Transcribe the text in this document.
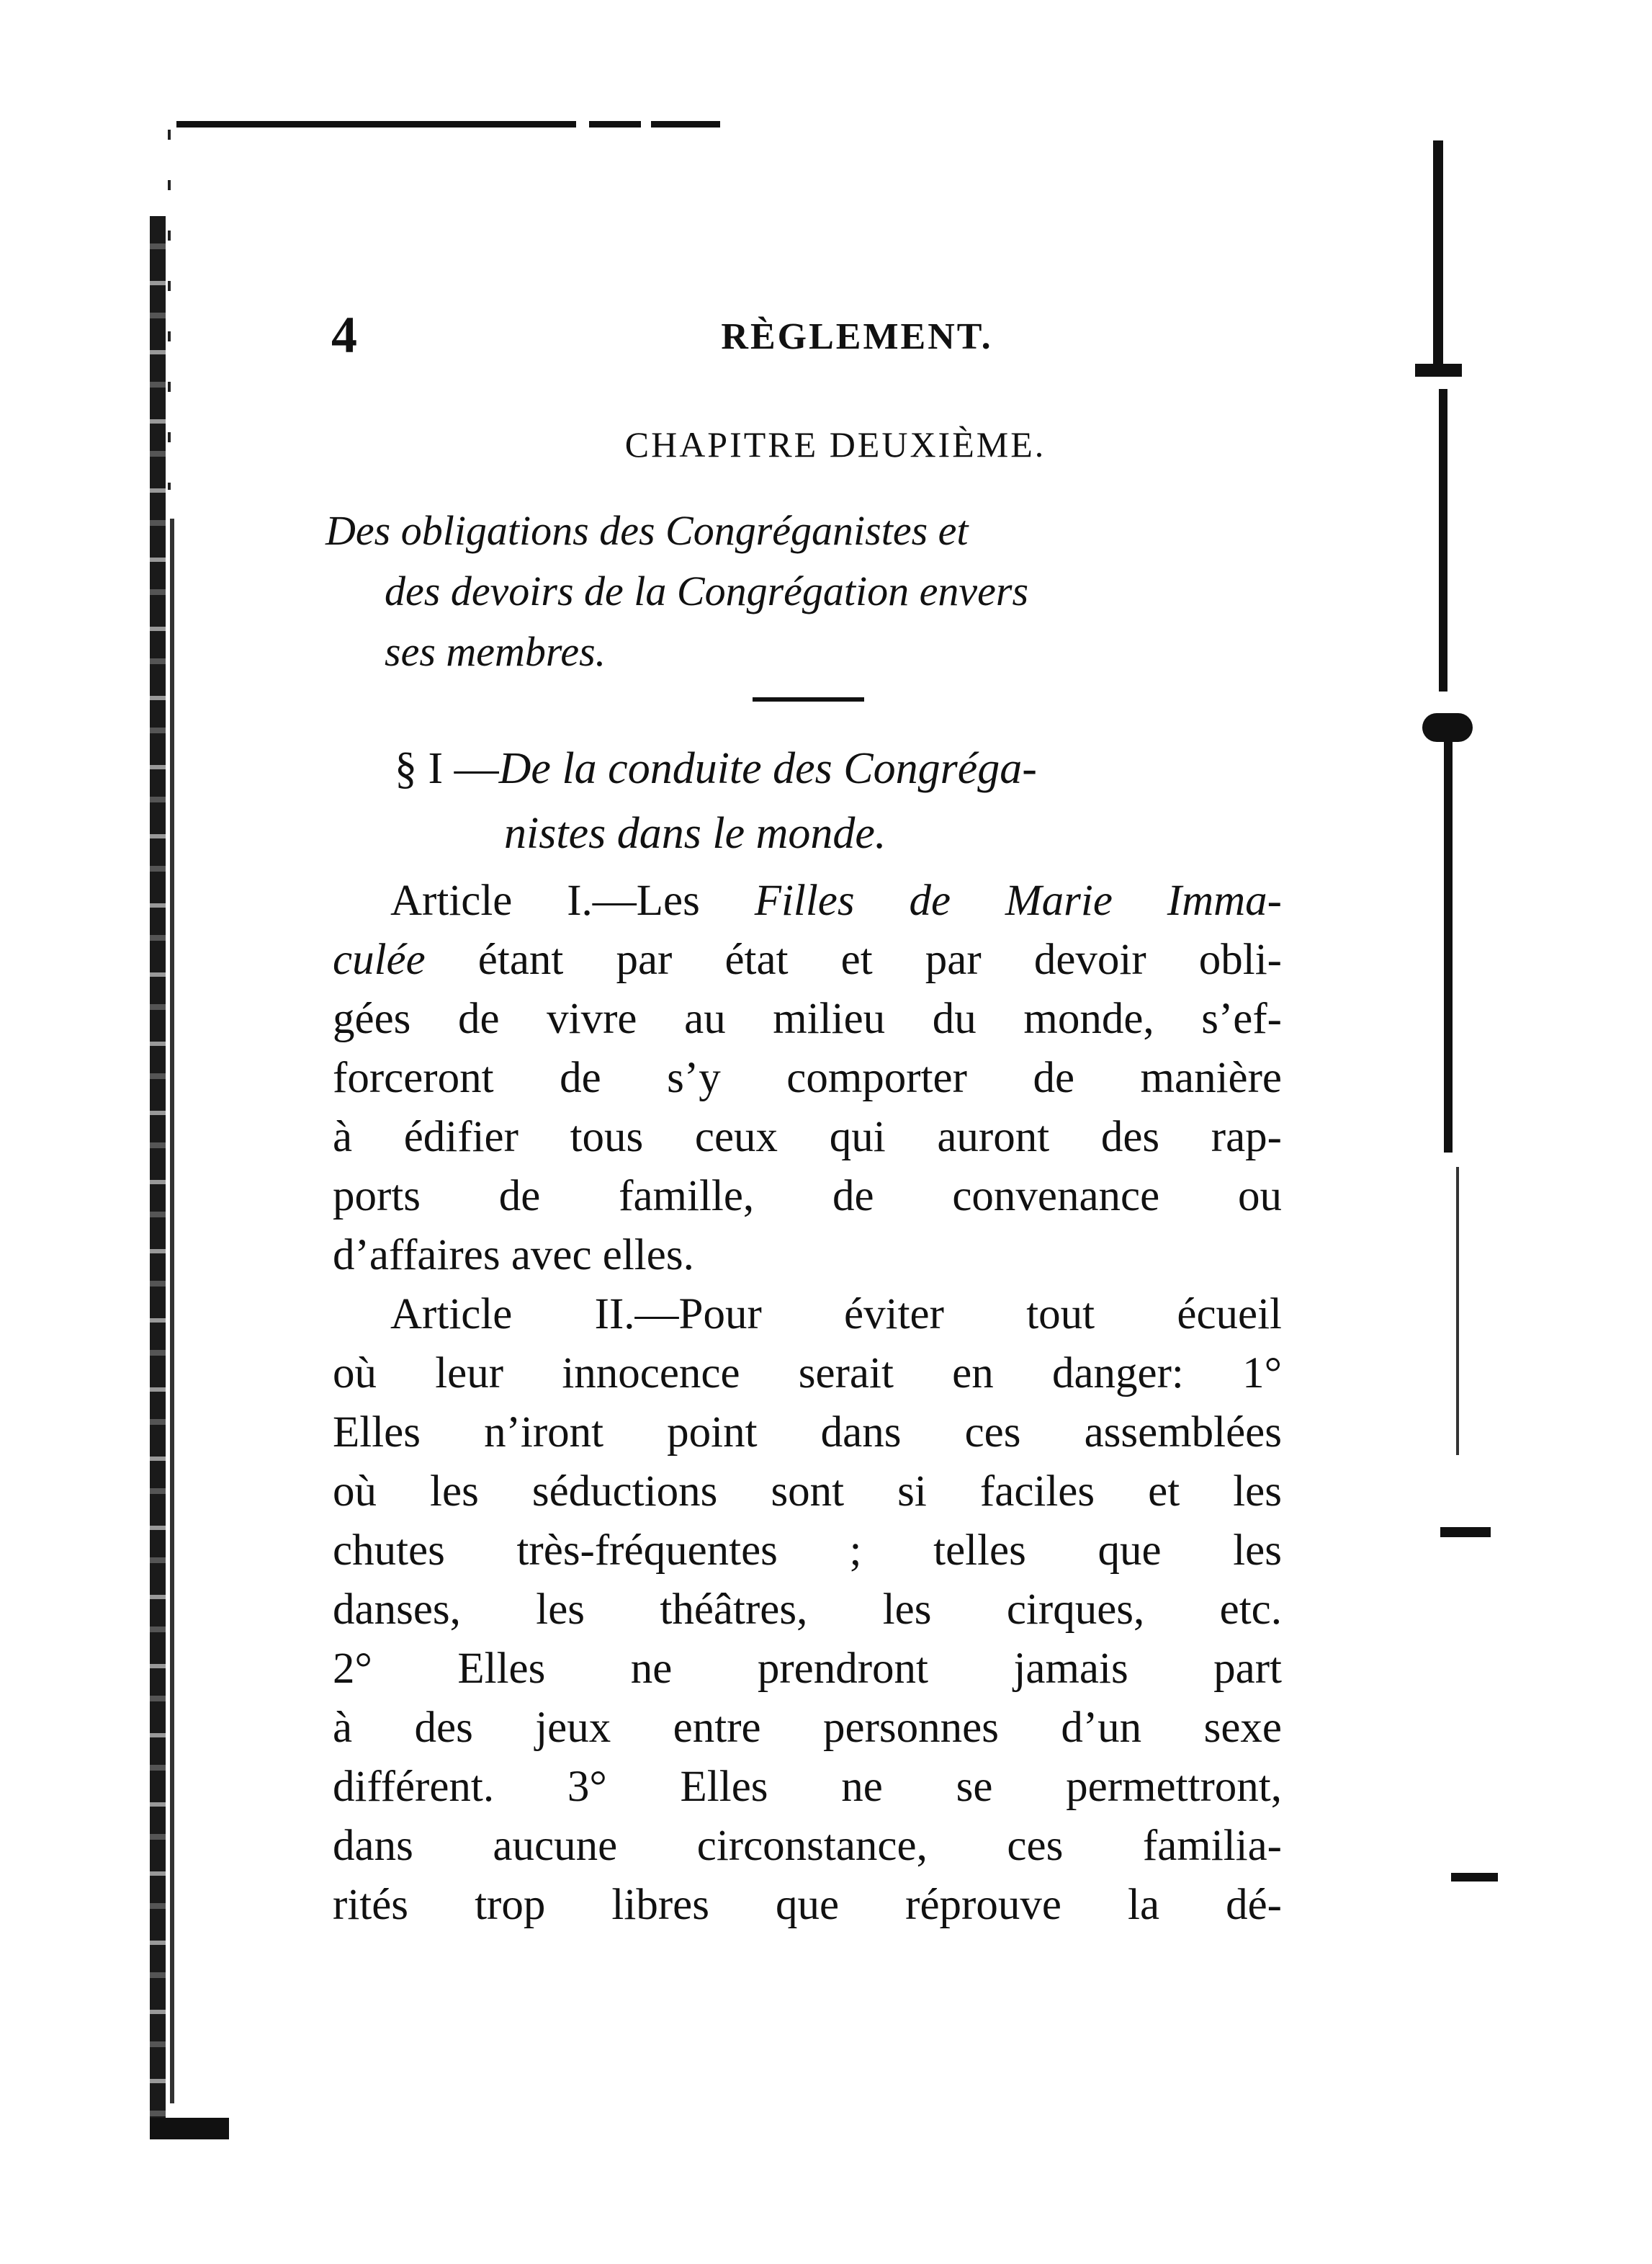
4	RÈGLEMENT.
CHAPITRE DEUXIÈME.
Des obligations des Congréganistes et
des devoirs de la Congrégation envers
ses membres.
§ I —De la conduite des Congréga-
nistes dans le monde.
Article I.—Les Filles de Marie Imma-
culée étant par état et par devoir obli-
gées de vivre au milieu du monde, s’ef-
forceront de s’y comporter de manière
à édifier tous ceux qui auront des rap-
ports de famille, de convenance ou
d’affaires avec elles.
Article II.—Pour éviter tout écueil
où leur innocence serait en danger: 1°
Elles n’iront point dans ces assemblées
où les séductions sont si faciles et les
chutes très-fréquentes ; telles que les
danses, les théâtres, les cirques, etc.
2° Elles ne prendront jamais part
à des jeux entre personnes d’un sexe
différent. 3° Elles ne se permettront,
dans aucune circonstance, ces familia-
rités trop libres que réprouve la dé-
